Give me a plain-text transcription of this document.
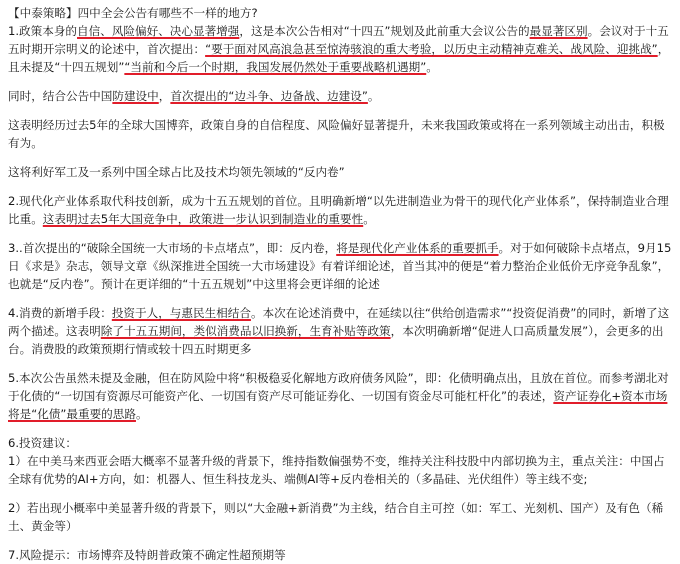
【中泰策略】四中全会公告有哪些不一样的地方?

1.政策本身的自信、风险偏好、决心显著增强，这是本次公告相对“十四五”规划及此前重大会议公告的最显著区别。会议对于十五五时期开宗明义的论述中，首次提出：“要于面对风高浪急甚至惊涛骇浪的重大考验，以历史主动精神克难关、战风险、迎挑战”，且未提及“十四五规划”“当前和今后一个时期，我国发展仍然处于重要战略机遇期”。

同时，结合公告中国防建设中，首次提出的“边斗争、边备战、边建设”。

这表明经历过去5年的全球大国博弈，政策自身的自信程度、风险偏好显著提升，未来我国政策或将在一系列领域主动出击，积极有为。

这将利好军工及一系列中国全球占比及技术均领先领域的“反内卷”

2.现代化产业体系取代科技创新，成为十五五规划的首位。且明确新增“以先进制造业为骨干的现代化产业体系”，保持制造业合理比重。这表明过去5年大国竞争中，政策进一步认识到制造业的重要性。

3..首次提出的“破除全国统一大市场的卡点堵点”，即：反内卷，将是现代化产业体系的重要抓手。对于如何破除卡点堵点，9月15日《求是》杂志，领导文章《纵深推进全国统一大市场建设》有着详细论述，首当其冲的便是“着力整治企业低价无序竞争乱象”，也就是“反内卷”。预计在更详细的“十五五规划”中这里将会更详细的论述

4.消费的新增手段：投资于人，与惠民生相结合。本次在论述消费中，在延续以往“供给创造需求”“投资促消费”的同时，新增了这两个描述。这表明除了十五五期间，类似消费品以旧换新，生育补贴等政策，本次明确新增“促进人口高质量发展”），会更多的出台。消费股的政策预期行情或较十四五时期更多

5.本次公告虽然未提及金融，但在防风险中将“积极稳妥化解地方政府债务风险”，即：化债明确点出，且放在首位。而参考湖北对于化债的“一切国有资源尽可能资产化、一切国有资产尽可能证券化、一切国有资金尽可能杠杆化”的表述，资产证券化+资本市场将是“化债”最重要的思路。

6.投资建议：

1）在中美马来西亚会晤大概率不显著升级的背景下，维持指数偏强势不变，维持关注科技股中内部切换为主，重点关注：中国占全球有优势的AI+方向，如：机器人、恒生科技龙头、端侧AI等+反内卷相关的（多晶硅、光伏组件）等主线不变;

2）若出现小概率中美显著升级的背景下，则以“大金融+新消费”为主线，结合自主可控（如：军工、光刻机、国产）及有色（稀土、黄金等）

7.风险提示：市场博弈及特朗普政策不确定性超预期等
